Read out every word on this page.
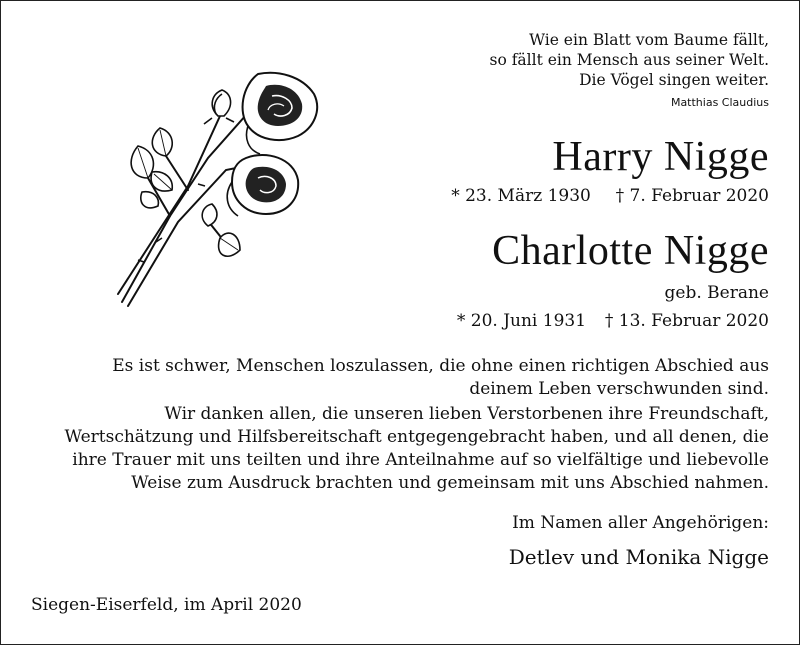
Wie ein Blatt vom Baume fällt,
so fällt ein Mensch aus seiner Welt.
Die Vögel singen weiter.
Matthias Claudius
Harry Nigge
* 23. März 1930 † 7. Februar 2020
Charlotte Nigge
geb. Berane
* 20. Juni 1931 † 13. Februar 2020
Es ist schwer, Menschen loszulassen, die ohne einen richtigen Abschied aus
deinem Leben verschwunden sind.
Wir danken allen, die unseren lieben Verstorbenen ihre Freundschaft,
Wertschätzung und Hilfsbereitschaft entgegengebracht haben, und all denen, die
ihre Trauer mit uns teilten und ihre Anteilnahme auf so vielfältige und liebevolle
Weise zum Ausdruck brachten und gemeinsam mit uns Abschied nahmen.
Im Namen aller Angehörigen:
Detlev und Monika Nigge
Siegen-Eiserfeld, im April 2020
